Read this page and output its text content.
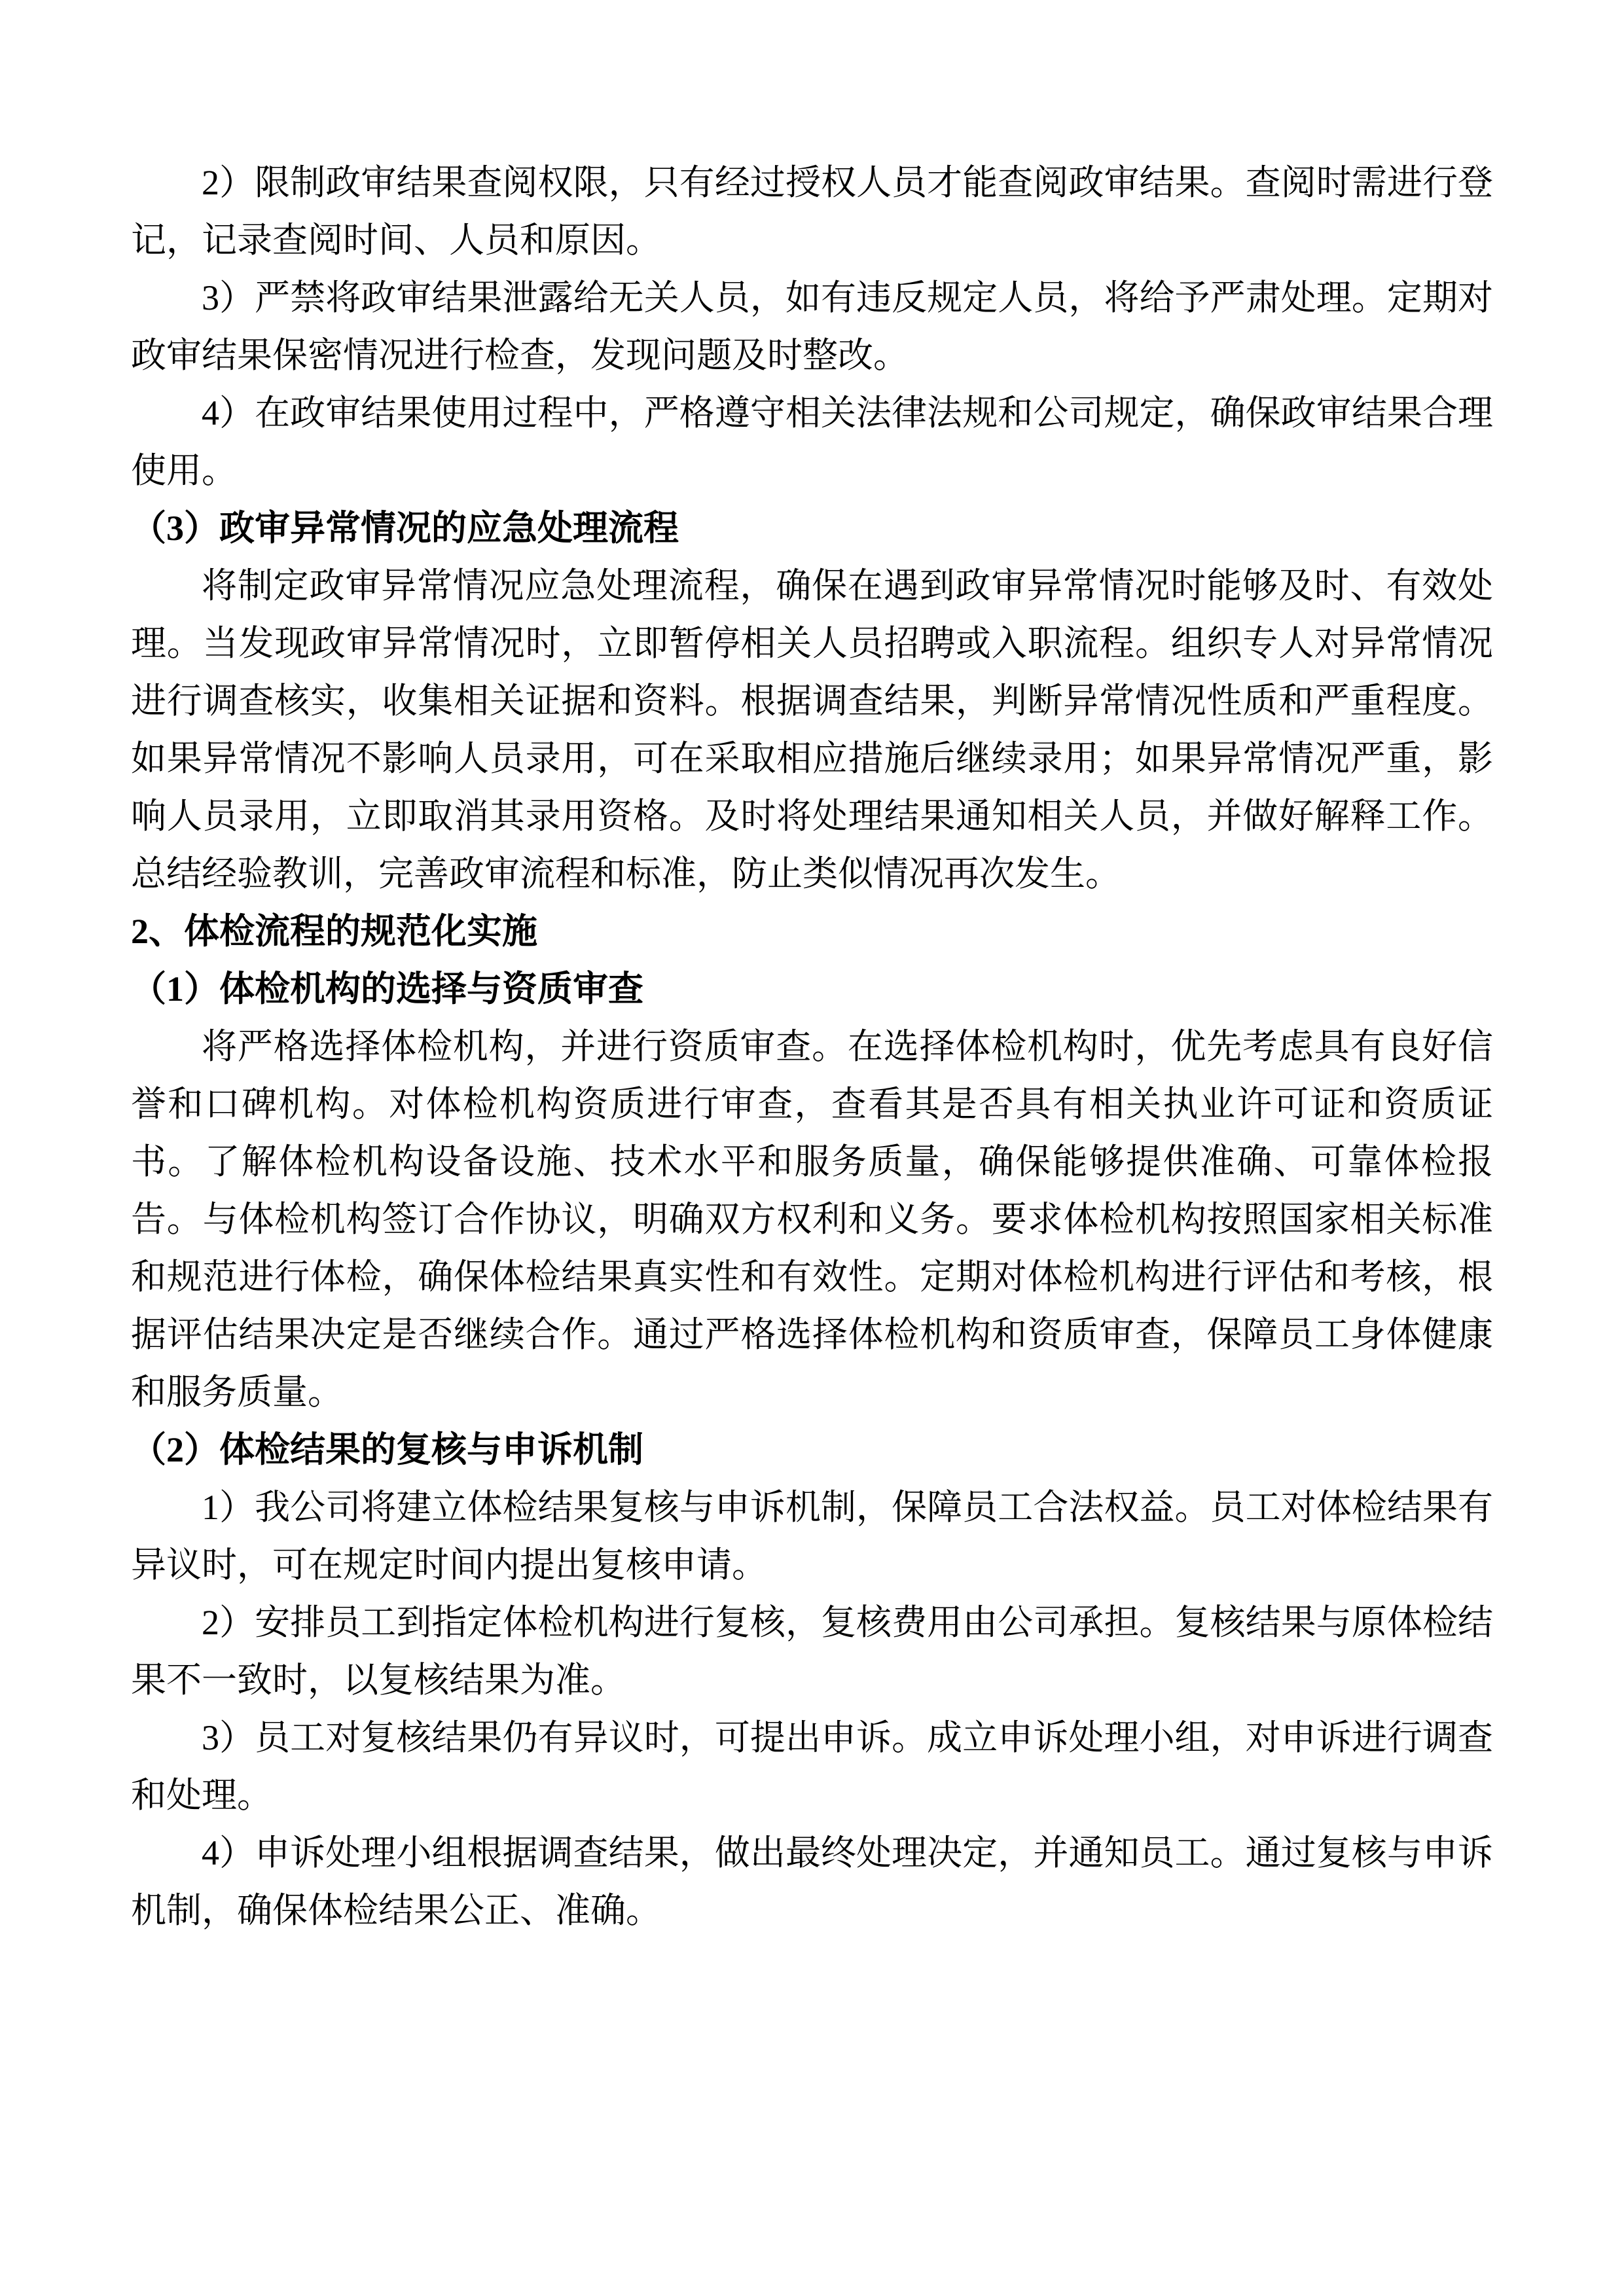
2）限制政审结果查阅权限，只有经过授权人员才能查阅政审结果。查阅时需进行登记，记录查阅时间、人员和原因。

3）严禁将政审结果泄露给无关人员，如有违反规定人员，将给予严肃处理。定期对政审结果保密情况进行检查，发现问题及时整改。

4）在政审结果使用过程中，严格遵守相关法律法规和公司规定，确保政审结果合理使用。

（3）政审异常情况的应急处理流程

将制定政审异常情况应急处理流程，确保在遇到政审异常情况时能够及时、有效处理。当发现政审异常情况时，立即暂停相关人员招聘或入职流程。组织专人对异常情况进行调查核实，收集相关证据和资料。根据调查结果，判断异常情况性质和严重程度。如果异常情况不影响人员录用，可在采取相应措施后继续录用；如果异常情况严重，影响人员录用，立即取消其录用资格。及时将处理结果通知相关人员，并做好解释工作。总结经验教训，完善政审流程和标准，防止类似情况再次发生。

2、体检流程的规范化实施

（1）体检机构的选择与资质审查

将严格选择体检机构，并进行资质审查。在选择体检机构时，优先考虑具有良好信誉和口碑机构。对体检机构资质进行审查，查看其是否具有相关执业许可证和资质证书。了解体检机构设备设施、技术水平和服务质量，确保能够提供准确、可靠体检报告。与体检机构签订合作协议，明确双方权利和义务。要求体检机构按照国家相关标准和规范进行体检，确保体检结果真实性和有效性。定期对体检机构进行评估和考核，根据评估结果决定是否继续合作。通过严格选择体检机构和资质审查，保障员工身体健康和服务质量。

（2）体检结果的复核与申诉机制

1）我公司将建立体检结果复核与申诉机制，保障员工合法权益。员工对体检结果有异议时，可在规定时间内提出复核申请。

2）安排员工到指定体检机构进行复核，复核费用由公司承担。复核结果与原体检结果不一致时，以复核结果为准。

3）员工对复核结果仍有异议时，可提出申诉。成立申诉处理小组，对申诉进行调查和处理。

4）申诉处理小组根据调查结果，做出最终处理决定，并通知员工。通过复核与申诉机制，确保体检结果公正、准确。
